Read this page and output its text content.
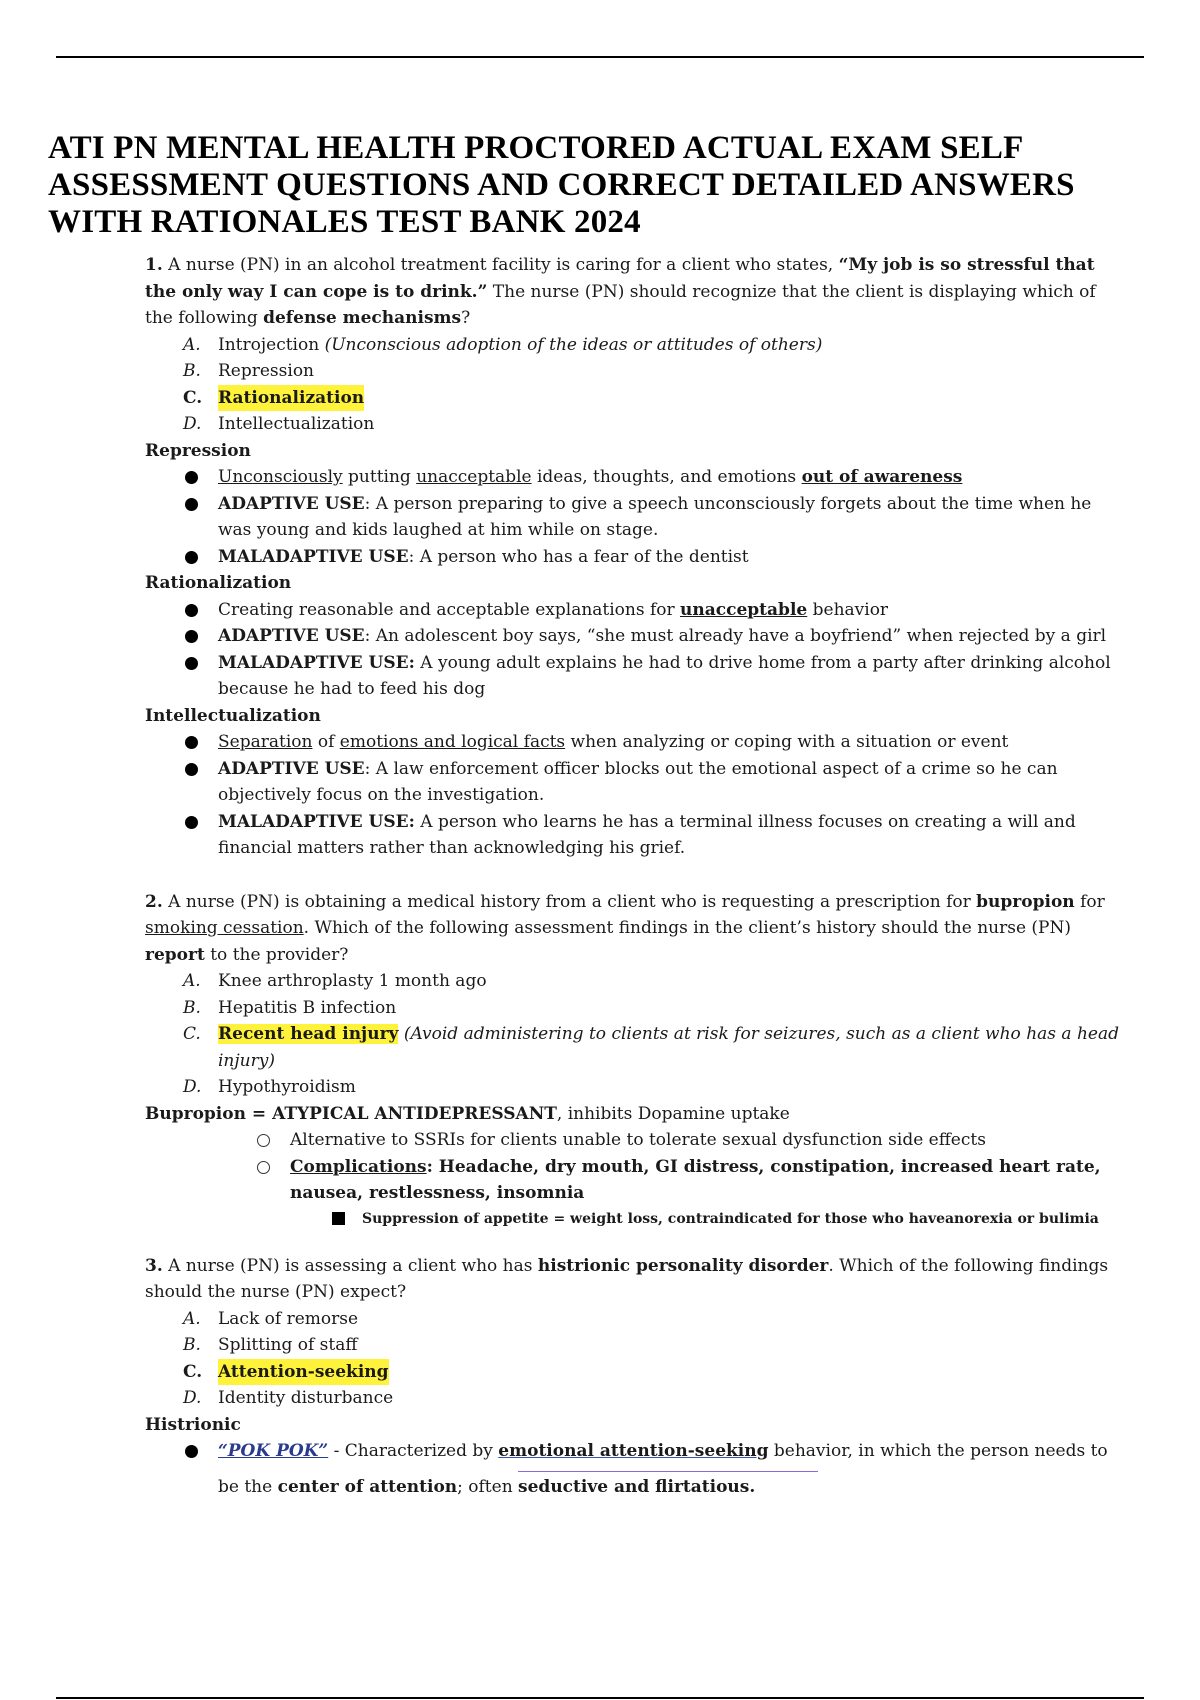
ATI PN MENTAL HEALTH PROCTORED ACTUAL EXAM SELF ASSESSMENT QUESTIONS AND CORRECT DETAILED ANSWERS WITH RATIONALES TEST BANK 2024

1. A nurse (PN) in an alcohol treatment facility is caring for a client who states, “My job is so stressful that the only way I can cope is to drink.” The nurse (PN) should recognize that the client is displaying which of the following defense mechanisms?

A.	Introjection (Unconscious adoption of the ideas or attitudes of others)
B.	Repression
C. Rationalization
D. Intellectualization

Repression

Unconsciously putting unacceptable ideas, thoughts, and emotions out of awareness
ADAPTIVE USE: A person preparing to give a speech unconsciously forgets about the time when he was young and kids laughed at him while on stage.
MALADAPTIVE USE: A person who has a fear of the dentist

Rationalization

Creating reasonable and acceptable explanations for unacceptable behavior
ADAPTIVE USE: An adolescent boy says, “she must already have a boyfriend” when rejected by a girl
MALADAPTIVE USE: A young adult explains he had to drive home from a party after drinking alcohol because he had to feed his dog

Intellectualization

Separation of emotions and logical facts when analyzing or coping with a situation or event
ADAPTIVE USE: A law enforcement officer blocks out the emotional aspect of a crime so he can objectively focus on the investigation.
MALADAPTIVE USE: A person who learns he has a terminal illness focuses on creating a will and financial matters rather than acknowledging his grief.

2. A nurse (PN) is obtaining a medical history from a client who is requesting a prescription for bupropion for smoking cessation. Which of the following assessment findings in the client’s history should the nurse (PN) report to the provider?

A.	Knee arthroplasty 1 month ago
B.	Hepatitis B infection
C.	Recent head injury (Avoid administering to clients at risk for seizures, such as a client who has a head injury)
D. Hypothyroidism

Bupropion = ATYPICAL ANTIDEPRESSANT, inhibits Dopamine uptake

Alternative to SSRIs for clients unable to tolerate sexual dysfunction side effects
Complications: Headache, dry mouth, GI distress, constipation, increased heart rate, nausea, restlessness, insomnia
Suppression of appetite = weight loss, contraindicated for those who haveanorexia or bulimia

3. A nurse (PN) is assessing a client who has histrionic personality disorder. Which of the following findings should the nurse (PN) expect?

A.	Lack of remorse
B.	Splitting of staff
C. Attention-seeking
D. Identity disturbance

Histrionic

“POK POK” - Characterized by emotional attention-seeking behavior, in which the person needs to
be the center of attention; often seductive and flirtatious.
